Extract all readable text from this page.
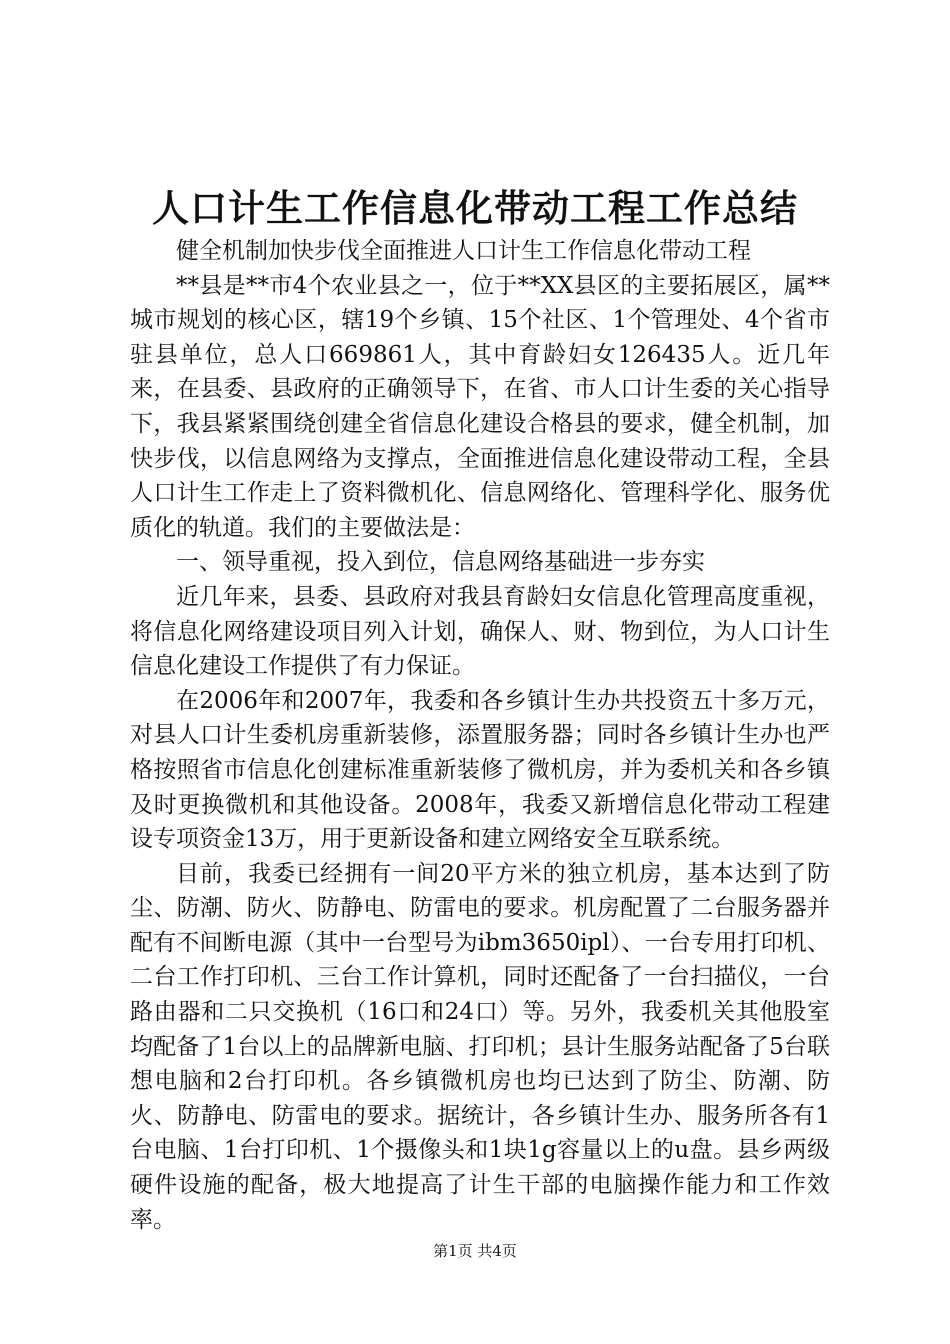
人口计生工作信息化带动工程工作总结

健全机制加快步伐全面推进人口计生工作信息化带动工程

**县是**市4个农业县之一，位于**XX县区的主要拓展区，属**城市规划的核心区，辖19个乡镇、15个社区、1个管理处、4个省市驻县单位，总人口669861人，其中育龄妇女126435人。近几年来，在县委、县政府的正确领导下，在省、市人口计生委的关心指导下，我县紧紧围绕创建全省信息化建设合格县的要求，健全机制，加快步伐，以信息网络为支撑点，全面推进信息化建设带动工程，全县人口计生工作走上了资料微机化、信息网络化、管理科学化、服务优质化的轨道。我们的主要做法是：

一、领导重视，投入到位，信息网络基础进一步夯实

近几年来，县委、县政府对我县育龄妇女信息化管理高度重视，将信息化网络建设项目列入计划，确保人、财、物到位，为人口计生信息化建设工作提供了有力保证。

在2006年和2007年，我委和各乡镇计生办共投资五十多万元，对县人口计生委机房重新装修，添置服务器；同时各乡镇计生办也严格按照省市信息化创建标准重新装修了微机房，并为委机关和各乡镇及时更换微机和其他设备。2008年，我委又新增信息化带动工程建设专项资金13万，用于更新设备和建立网络安全互联系统。

目前，我委已经拥有一间20平方米的独立机房，基本达到了防尘、防潮、防火、防静电、防雷电的要求。机房配置了二台服务器并配有不间断电源（其中一台型号为ibm3650ipl）、一台专用打印机、二台工作打印机、三台工作计算机，同时还配备了一台扫描仪，一台路由器和二只交换机（16口和24口）等。另外，我委机关其他股室均配备了1台以上的品牌新电脑、打印机；县计生服务站配备了5台联想电脑和2台打印机。各乡镇微机房也均已达到了防尘、防潮、防火、防静电、防雷电的要求。据统计，各乡镇计生办、服务所各有1台电脑、1台打印机、1个摄像头和1块1g容量以上的u盘。县乡两级硬件设施的配备，极大地提高了计生干部的电脑操作能力和工作效率。

第1页 共4页
